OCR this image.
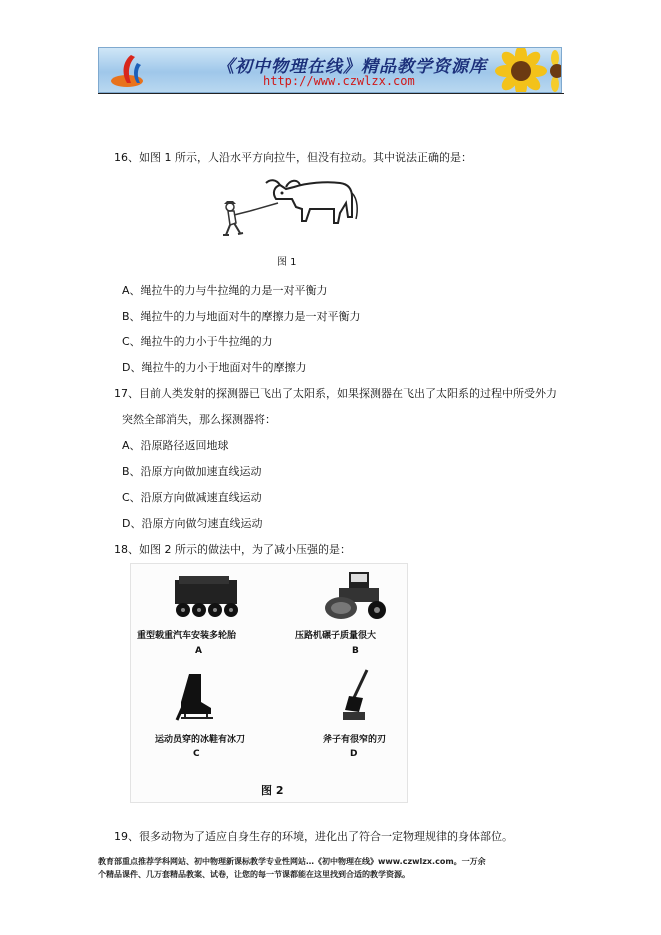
《初中物理在线》精品教学资源库
http://www.czwlzx.com
16、如图 1 所示，人沿水平方向拉牛，但没有拉动。其中说法正确的是：
图 1
A、绳拉牛的力与牛拉绳的力是一对平衡力
B、绳拉牛的力与地面对牛的摩擦力是一对平衡力
C、绳拉牛的力小于牛拉绳的力
D、绳拉牛的力小于地面对牛的摩擦力
17、目前人类发射的探测器已飞出了太阳系，如果探测器在飞出了太阳系的过程中所受外力
突然全部消失，那么探测器将：
A、沿原路径返回地球
B、沿原方向做加速直线运动
C、沿原方向做减速直线运动
D、沿原方向做匀速直线运动
18、如图 2 所示的做法中，为了减小压强的是：
重型载重汽车安装多轮胎
A
压路机碾子质量很大
B
运动员穿的冰鞋有冰刀
C
斧子有很窄的刃
D
图 2
19、很多动物为了适应自身生存的环境，进化出了符合一定物理规律的身体部位。
教育部重点推荐学科网站、初中物理新课标教学专业性网站…《初中物理在线》www.czwlzx.com。一万余
个精品课件、几万套精品教案、试卷，让您的每一节课都能在这里找到合适的教学资源。
